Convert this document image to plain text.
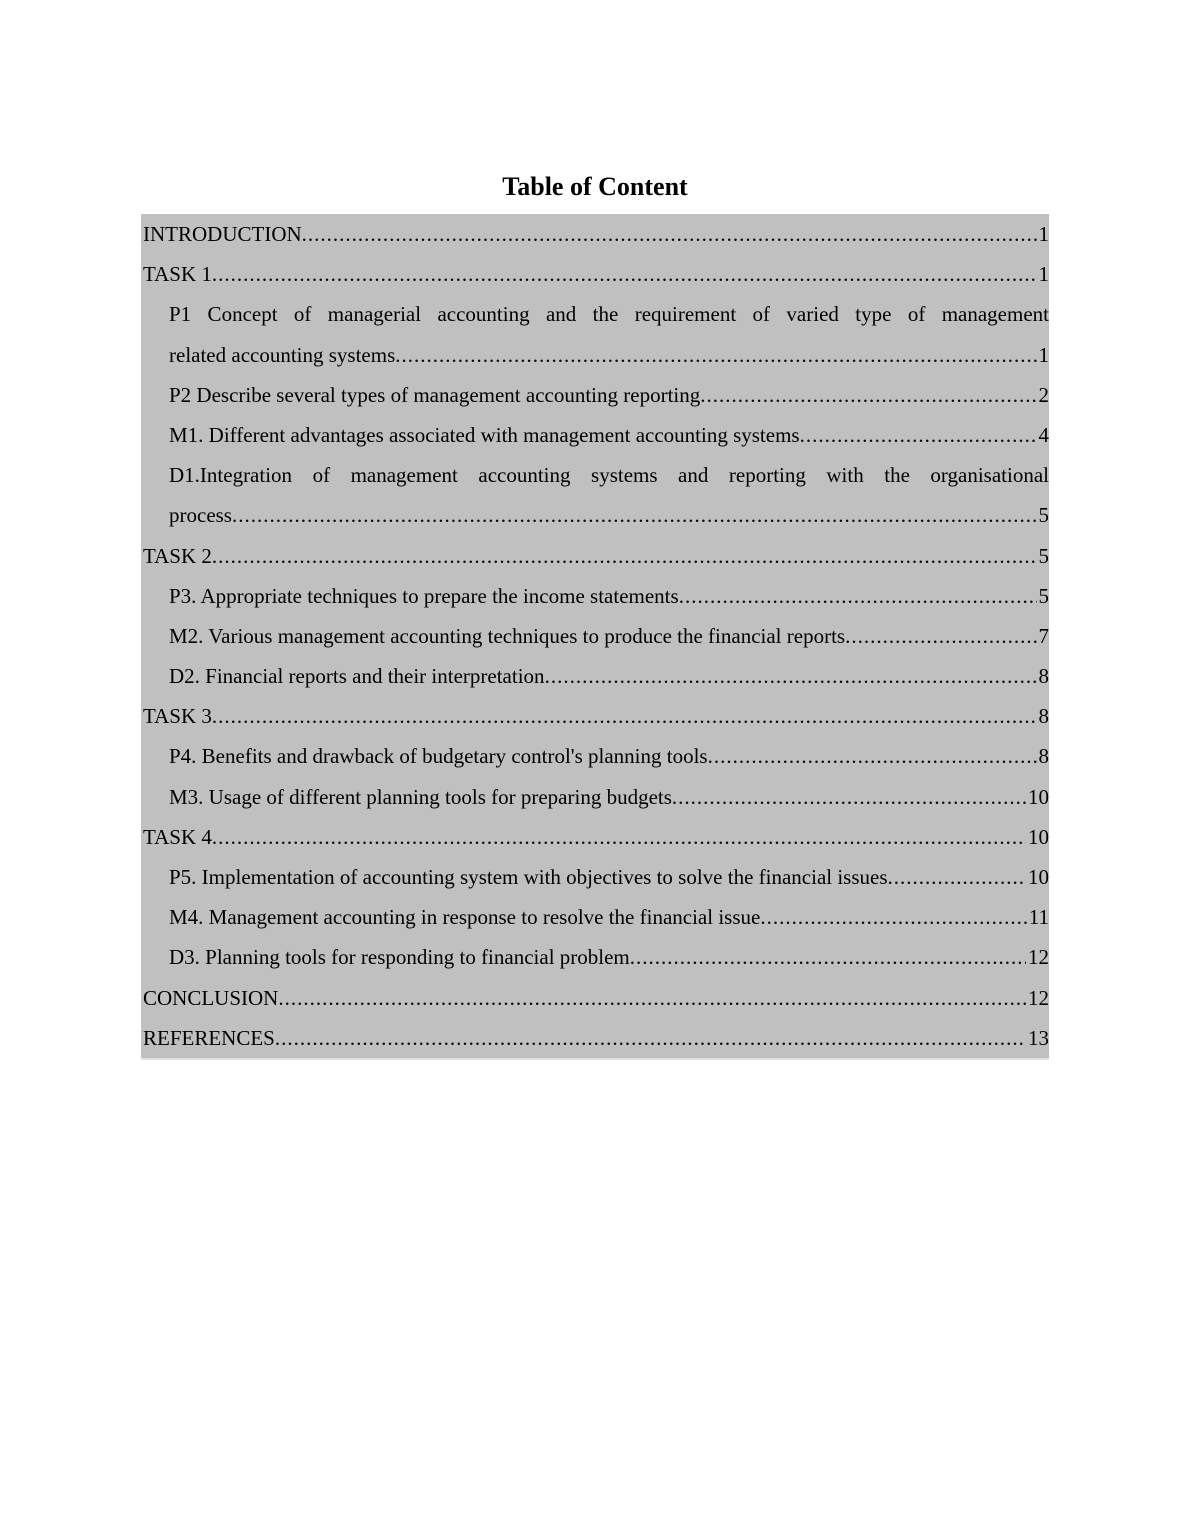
Table of Content
INTRODUCTION .....	1
TASK 1 .....	1
P1 Concept of managerial accounting and the requirement of varied type of management
related accounting systems .....	1
P2 Describe several types of management accounting reporting .....	2
M1. Different advantages associated with management accounting systems .....	4
D1.Integration of management accounting systems and reporting with the organisational
process .....	5
TASK 2 .....	5
P3. Appropriate techniques to prepare the income statements .....	5
M2. Various management accounting techniques to produce the financial reports .....	7
D2. Financial reports and their interpretation .....	8
TASK 3 .....	8
P4. Benefits and drawback of budgetary control's planning tools .....	8
M3. Usage of different planning tools for preparing budgets .....	10
TASK 4 .....	10
P5. Implementation of accounting system with objectives to solve the financial issues .....	10
M4. Management accounting in response to resolve the financial issue .....	11
D3. Planning tools for responding to financial problem .....	12
CONCLUSION .....	12
REFERENCES .....	13
